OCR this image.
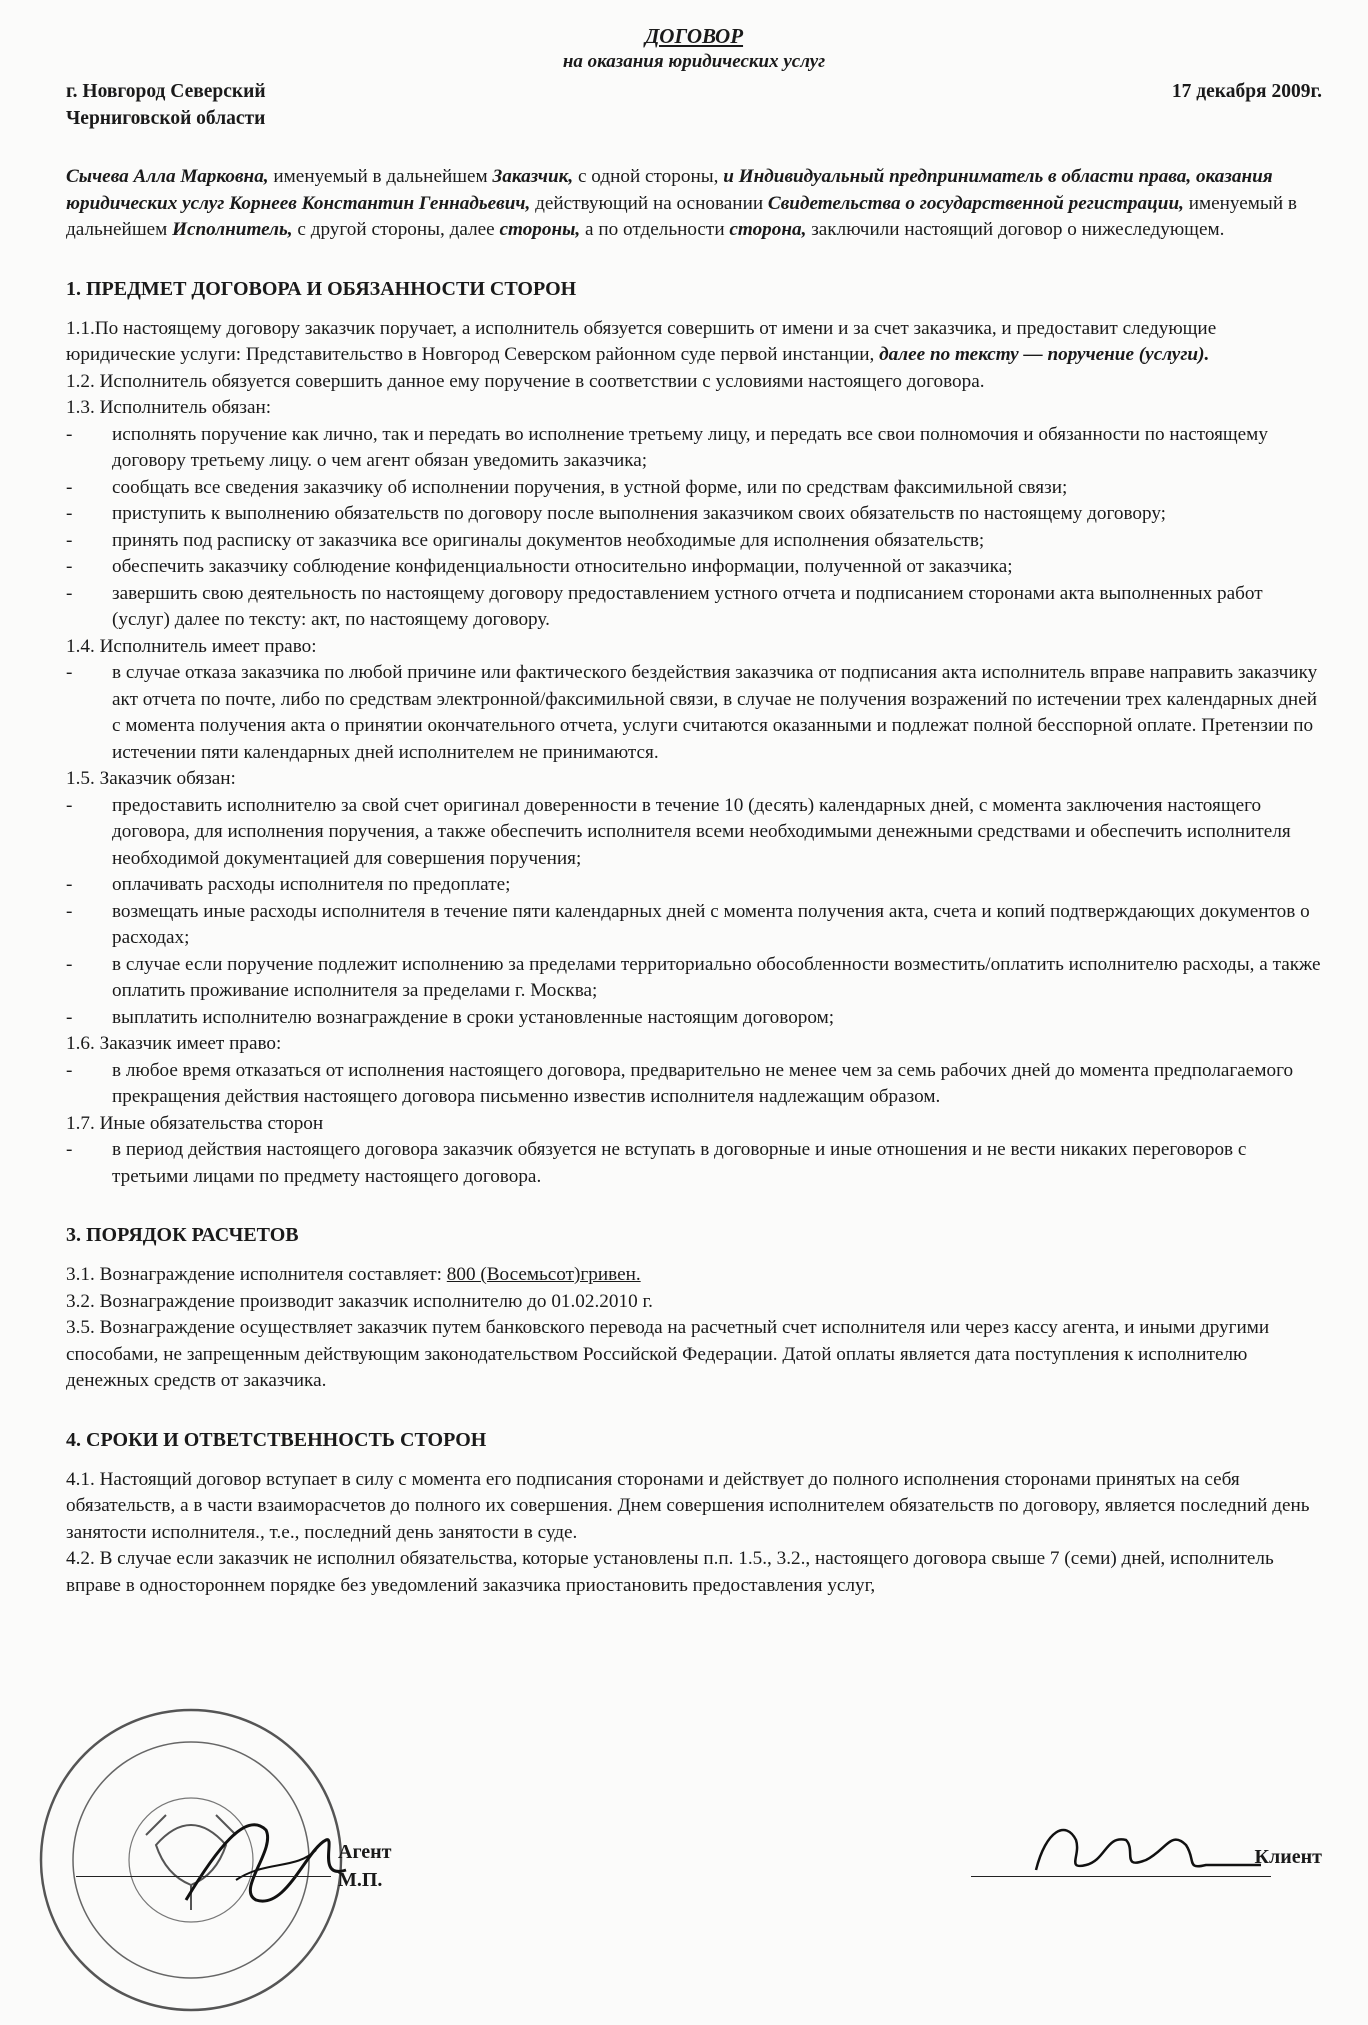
ДОГОВОР

на оказания юридических услуг

г. Новгород Северский
Черниговской области
17 декабря 2009г.

Сычева Алла Марковна, именуемый в дальнейшем Заказчик, с одной стороны, и Индивидуальный предприниматель в области права, оказания юридических услуг Корнеев Константин Геннадьевич, действующий на основании Свидетельства о государственной регистрации, именуемый в дальнейшем Исполнитель, с другой стороны, далее стороны, а по отдельности сторона, заключили настоящий договор о нижеследующем.

1. ПРЕДМЕТ ДОГОВОРА И ОБЯЗАННОСТИ СТОРОН

1.1.По настоящему договору заказчик поручает, а исполнитель обязуется совершить от имени и за счет заказчика, и предоставит следующие юридические услуги: Представительство в Новгород Северском районном суде первой инстанции, далее по тексту — поручение (услуги).

1.2. Исполнитель обязуется совершить данное ему поручение в соответствии с условиями настоящего договора.

1.3. Исполнитель обязан:

- исполнять поручение как лично, так и передать во исполнение третьему лицу, и передать все свои полномочия и обязанности по настоящему договору третьему лицу. о чем агент обязан уведомить заказчика;

- сообщать все сведения заказчику об исполнении поручения, в устной форме, или по средствам факсимильной связи;

- приступить к выполнению обязательств по договору после выполнения заказчиком своих обязательств по настоящему договору;

- принять под расписку от заказчика все оригиналы документов необходимые для исполнения обязательств;

- обеспечить заказчику соблюдение конфиденциальности относительно информации, полученной от заказчика;

- завершить свою деятельность по настоящему договору предоставлением устного отчета и подписанием сторонами акта выполненных работ (услуг) далее по тексту: акт, по настоящему договору.

1.4. Исполнитель имеет право:

- в случае отказа заказчика по любой причине или фактического бездействия заказчика от подписания акта исполнитель вправе направить заказчику акт отчета по почте, либо по средствам электронной/факсимильной связи, в случае не получения возражений по истечении трех календарных дней с момента получения акта о принятии окончательного отчета, услуги считаются оказанными и подлежат полной бесспорной оплате. Претензии по истечении пяти календарных дней исполнителем не принимаются.

1.5. Заказчик обязан:

- предоставить исполнителю за свой счет оригинал доверенности в течение 10 (десять) календарных дней, с момента заключения настоящего договора, для исполнения поручения, а также обеспечить исполнителя всеми необходимыми денежными средствами и обеспечить исполнителя необходимой документацией для совершения поручения;

- оплачивать расходы исполнителя по предоплате;

- возмещать иные расходы исполнителя в течение пяти календарных дней с момента получения акта, счета и копий подтверждающих документов о расходах;

- в случае если поручение подлежит исполнению за пределами территориально обособленности возместить/оплатить исполнителю расходы, а также оплатить проживание исполнителя за пределами г. Москва;

- выплатить исполнителю вознаграждение в сроки установленные настоящим договором;

1.6. Заказчик имеет право:

- в любое время отказаться от исполнения настоящего договора, предварительно не менее чем за семь рабочих дней до момента предполагаемого прекращения действия настоящего договора письменно известив исполнителя надлежащим образом.

1.7. Иные обязательства сторон

- в период действия настоящего договора заказчик обязуется не вступать в договорные и иные отношения и не вести никаких переговоров с третьими лицами по предмету настоящего договора.

3. ПОРЯДОК РАСЧЕТОВ

3.1. Вознаграждение исполнителя составляет: 800 (Восемьсот)гривен.

3.2. Вознаграждение производит заказчик исполнителю до 01.02.2010 г.

3.5. Вознаграждение осуществляет заказчик путем банковского перевода на расчетный счет исполнителя или через кассу агента, и иными другими способами, не запрещенным действующим законодательством Российской Федерации. Датой оплаты является дата поступления к исполнителю денежных средств от заказчика.

4. СРОКИ И ОТВЕТСТВЕННОСТЬ СТОРОН

4.1. Настоящий договор вступает в силу с момента его подписания сторонами и действует до полного исполнения сторонами принятых на себя обязательств, а в части взаиморасчетов до полного их совершения. Днем совершения исполнителем обязательств по договору, является последний день занятости исполнителя., т.е., последний день занятости в суде.

4.2. В случае если заказчик не исполнил обязательства, которые установлены п.п. 1.5., 3.2., настоящего договора свыше 7 (семи) дней, исполнитель вправе в одностороннем порядке без уведомлений заказчика приостановить предоставления услуг,

Агент
М.П.
Клиент
